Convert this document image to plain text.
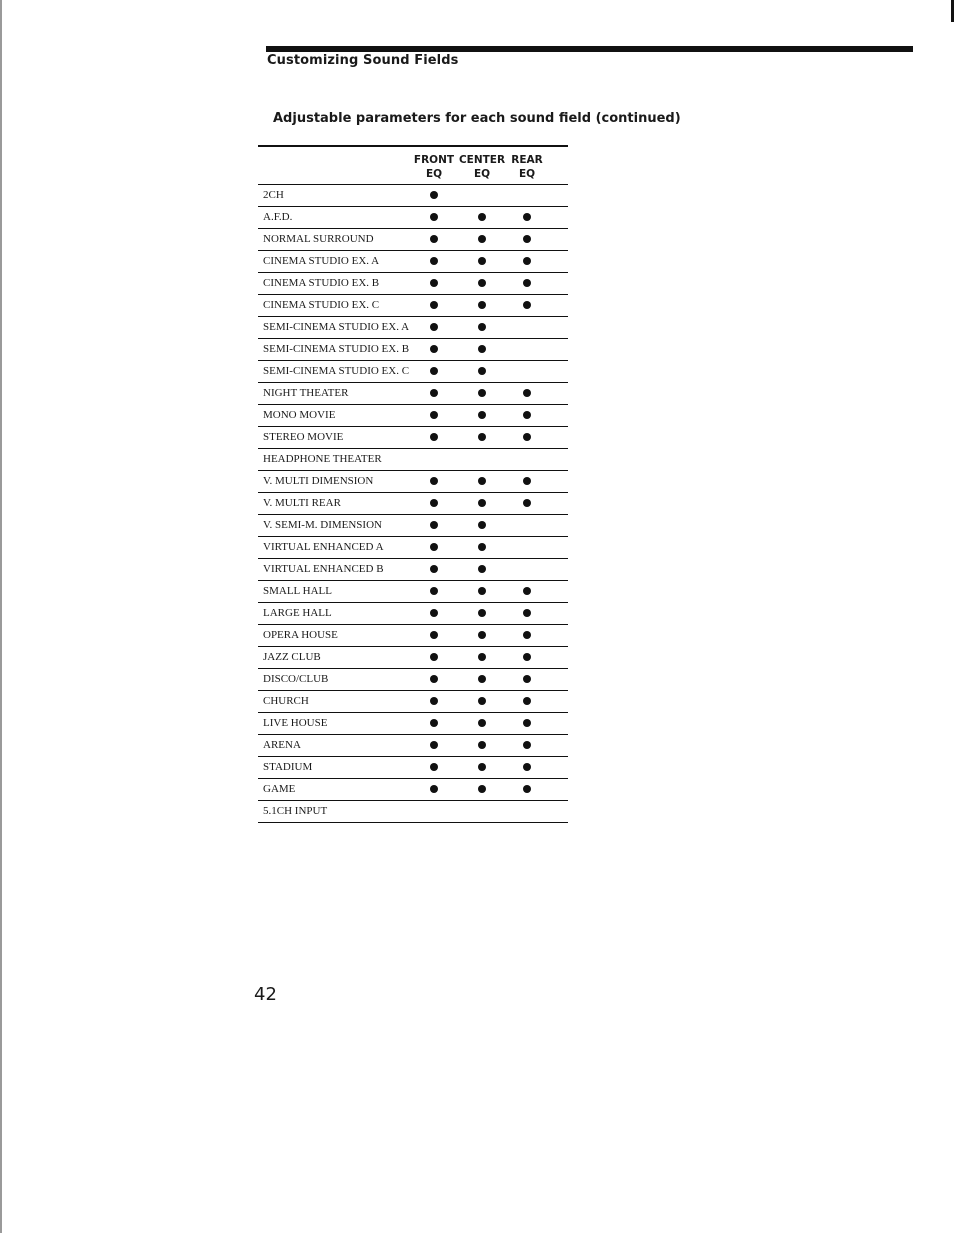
Customizing Sound Fields
Adjustable parameters for each sound field (continued)
FRONT
EQ
CENTER
EQ
REAR
EQ
2CH
A.F.D.
NORMAL SURROUND
CINEMA STUDIO EX. A
CINEMA STUDIO EX. B
CINEMA STUDIO EX. C
SEMI-CINEMA STUDIO EX. A
SEMI-CINEMA STUDIO EX. B
SEMI-CINEMA STUDIO EX. C
NIGHT THEATER
MONO MOVIE
STEREO MOVIE
HEADPHONE THEATER
V. MULTI DIMENSION
V. MULTI REAR
V. SEMI-M. DIMENSION
VIRTUAL ENHANCED A
VIRTUAL ENHANCED B
SMALL HALL
LARGE HALL
OPERA HOUSE
JAZZ CLUB
DISCO/CLUB
CHURCH
LIVE HOUSE
ARENA
STADIUM
GAME
5.1CH INPUT
42
